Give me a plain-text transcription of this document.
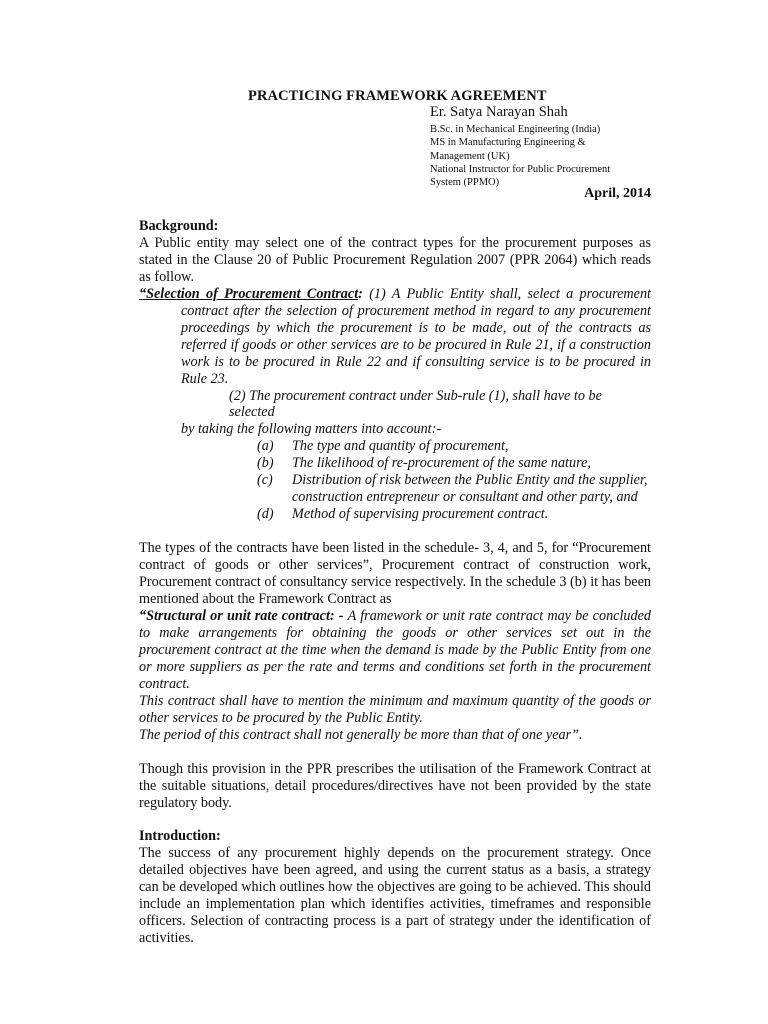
PRACTICING FRAMEWORK AGREEMENT
Er. Satya Narayan Shah
B.Sc. in Mechanical Engineering (India)
MS in Manufacturing Engineering &
Management (UK)
National Instructor for Public Procurement
System (PPMO)
April, 2014

Background:

A Public entity may select one of the contract types for the procurement purposes as

stated in the Clause 20 of Public Procurement Regulation 2007 (PPR 2064) which reads

as follow.

“Selection of Procurement Contract: (1) A Public Entity shall, select a procurement

contract after the selection of procurement method in regard to any procurement

proceedings by which the procurement is to be made, out of the contracts as

referred if goods or other services are to be procured in Rule 21, if a construction

work is to be procured in Rule 22 and if consulting service is to be procured in

Rule 23.

(2) The procurement contract under Sub-rule (1), shall have to be selected

by taking the following matters into account:-

(a) The type and quantity of procurement,
(b) The likelihood of re-procurement of the same nature,
(c) Distribution of risk between the Public Entity and the supplier,
construction entrepreneur or consultant and other party, and
(d) Method of supervising procurement contract.

The types of the contracts have been listed in the schedule- 3, 4, and 5, for “Procurement

contract of goods or other services”, Procurement contract of construction work,

Procurement contract of consultancy service respectively. In the schedule 3 (b) it has been

mentioned about the Framework Contract as

“Structural or unit rate contract: - A framework or unit rate contract may be concluded

to make arrangements for obtaining the goods or other services set out in the

procurement contract at the time when the demand is made by the Public Entity from one

or more suppliers as per the rate and terms and conditions set forth in the procurement

contract.

This contract shall have to mention the minimum and maximum quantity of the goods or

other services to be procured by the Public Entity.

The period of this contract shall not generally be more than that of one year”.

Though this provision in the PPR prescribes the utilisation of the Framework Contract at

the suitable situations, detail procedures/directives have not been provided by the state

regulatory body.

Introduction:

The success of any procurement highly depends on the procurement strategy. Once

detailed objectives have been agreed, and using the current status as a basis, a strategy

can be developed which outlines how the objectives are going to be achieved. This should

include an implementation plan which identifies activities, timeframes and responsible

officers. Selection of contracting process is a part of strategy under the identification of

activities.
